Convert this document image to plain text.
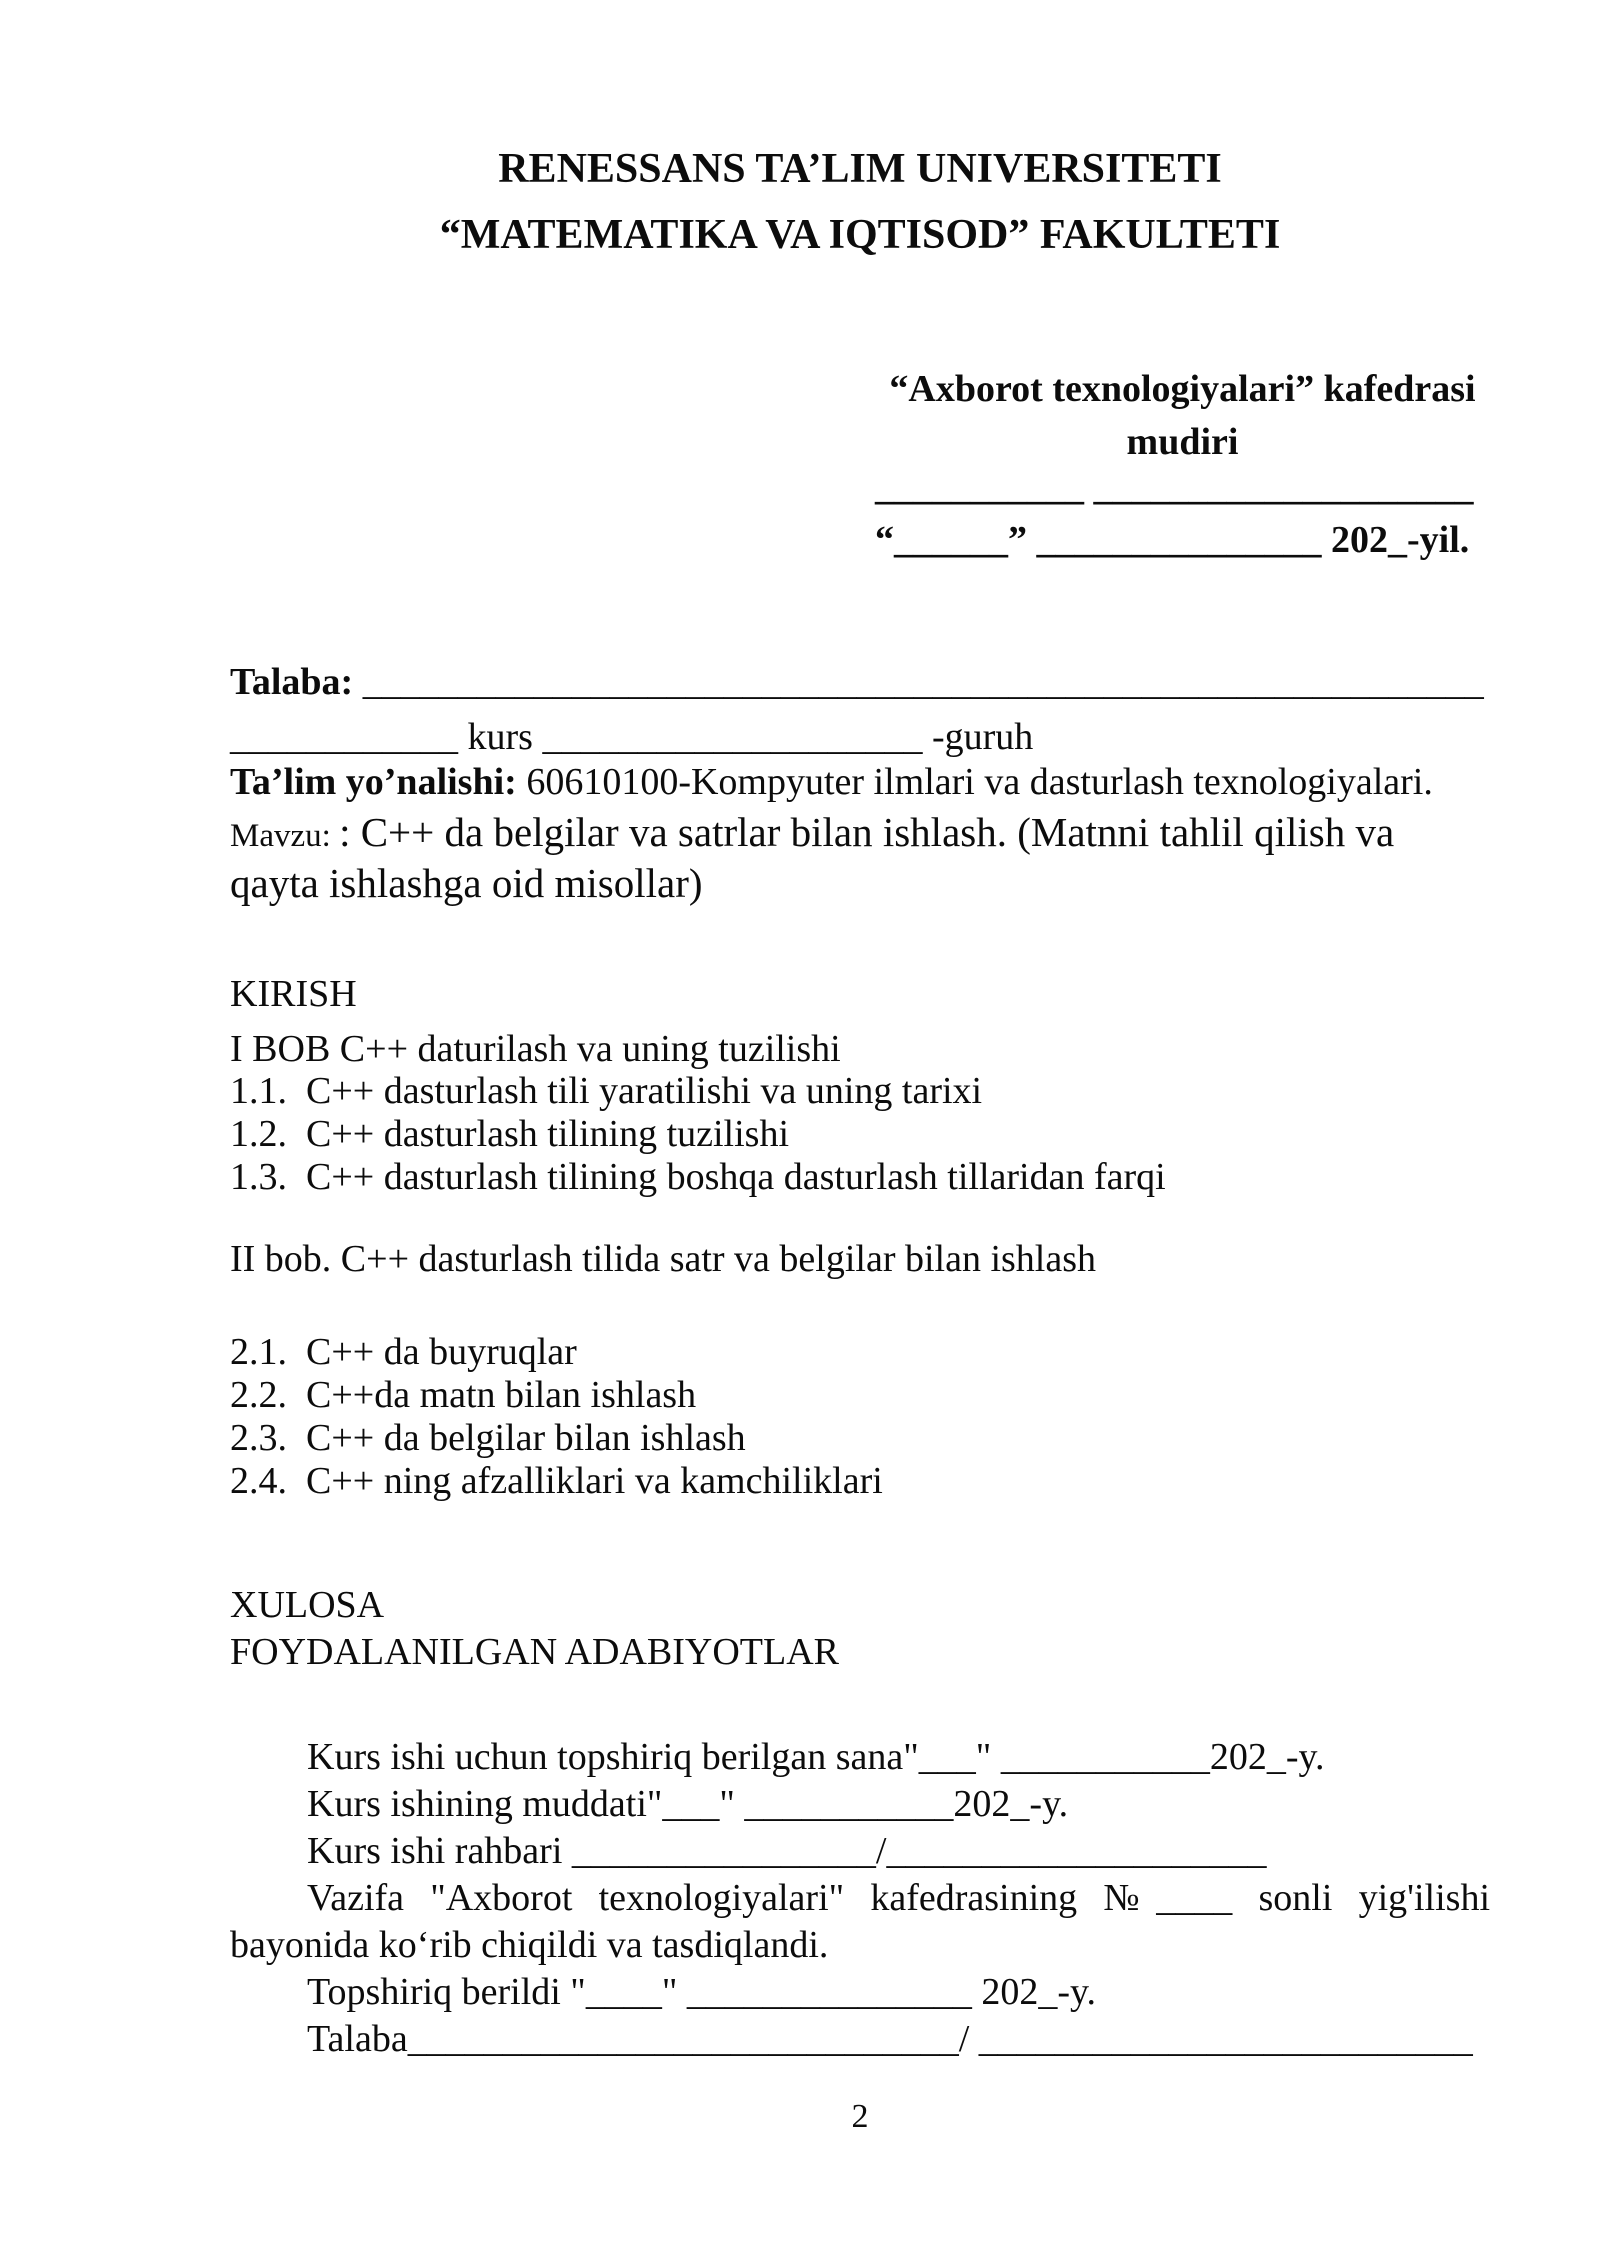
RENESSANS TA’LIM UNIVERSITETI
“MATEMATIKA VA IQTISOD” FAKULTETI
“Axborot texnologiyalari” kafedrasi
mudiri
___________ ____________________
“______” _______________ 202_-yil.
Talaba: ___________________________________________________________
____________ kurs ____________________ -guruh
Ta’lim yo’nalishi: 60610100-Kompyuter ilmlari va dasturlash texnologiyalari.
Mavzu: : C++ da belgilar va satrlar bilan ishlash. (Matnni tahlil qilish va
qayta ishlashga oid misollar)
KIRISH
I BOB C++ daturilash va uning tuzilishi
1.1.  C++ dasturlash tili yaratilishi va uning tarixi
1.2.  C++ dasturlash tilining tuzilishi
1.3.  C++ dasturlash tilining boshqa dasturlash tillaridan farqi
II bob. C++ dasturlash tilida satr va belgilar bilan ishlash
2.1.  C++ da buyruqlar
2.2.  C++da matn bilan ishlash
2.3.  C++ da belgilar bilan ishlash
2.4.  C++ ning afzalliklari va kamchiliklari
XULOSA
FOYDALANILGAN ADABIYOTLAR
Kurs ishi uchun topshiriq berilgan sana"___" ___________202_-y.
Kurs ishining muddati"___" ___________202_-y.
Kurs ishi rahbari ________________/____________________
Vazifa "Axborot texnologiyalari" kafedrasining №____ sonli yig'ilishi
bayonida ko‘rib chiqildi va tasdiqlandi.
Topshiriq berildi "____" _______________ 202_-y.
Talaba_____________________________/ __________________________
2
